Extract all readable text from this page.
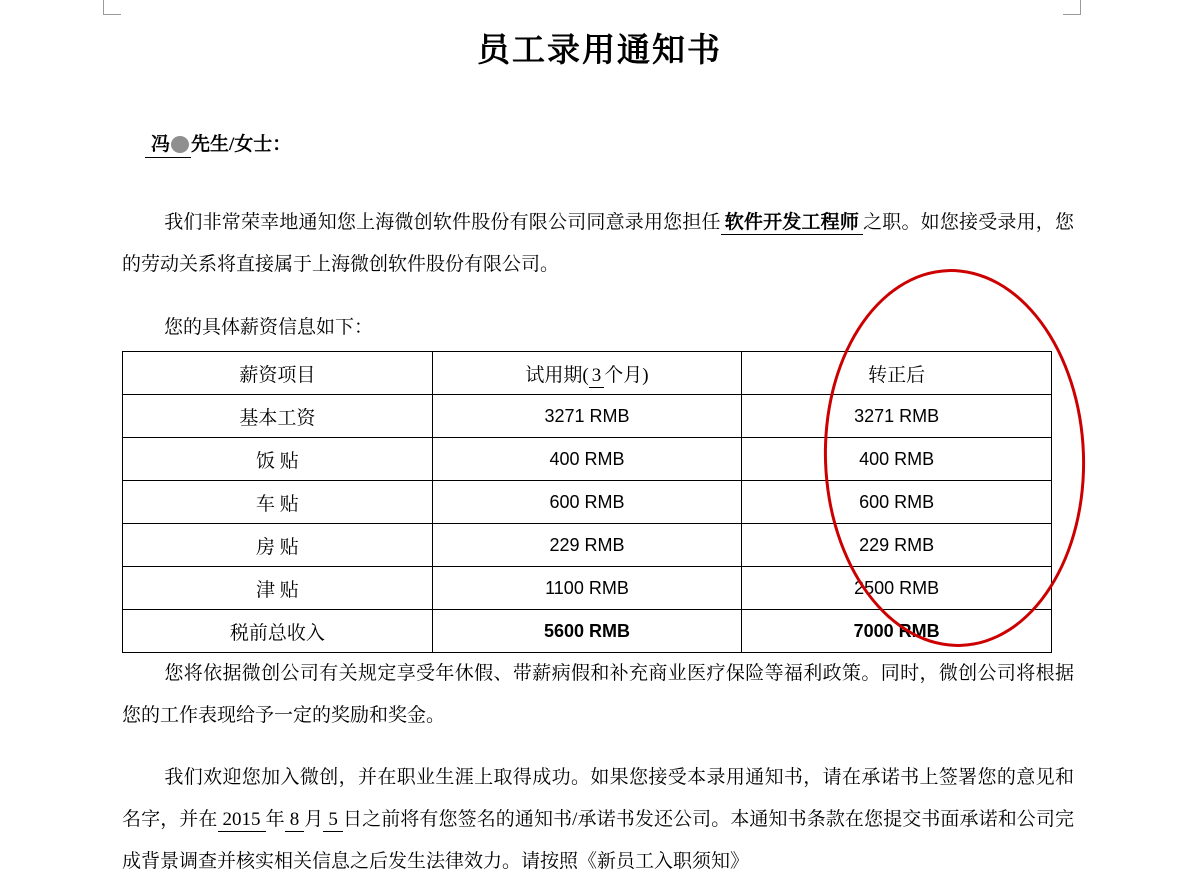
员工录用通知书
冯 先生/女士：

我们非常荣幸地通知您上海微创软件股份有限公司同意录用您担任 软件开发工程师 之职。如您接受录用，您的劳动关系将直接属于上海微创软件股份有限公司。

您的具体薪资信息如下：
薪资项目	试用期( 3 个月)	转正后
基本工资	3271 RMB	3271 RMB
饭 贴	400 RMB	400 RMB
车 贴	600 RMB	600 RMB
房 贴	229 RMB	229 RMB
津 贴	1100 RMB	2500 RMB
税前总收入	5600 RMB	7000 RMB

您将依据微创公司有关规定享受年休假、带薪病假和补充商业医疗保险等福利政策。同时，微创公司将根据您的工作表现给予一定的奖励和奖金。

我们欢迎您加入微创，并在职业生涯上取得成功。如果您接受本录用通知书，请在承诺书上签署您的意见和名字，并在 2015 年 8 月 5 日之前将有您签名的通知书/承诺书发还公司。本通知书条款在您提交书面承诺和公司完成背景调查并核实相关信息之后发生法律效力。请按照《新员工入职须知》
